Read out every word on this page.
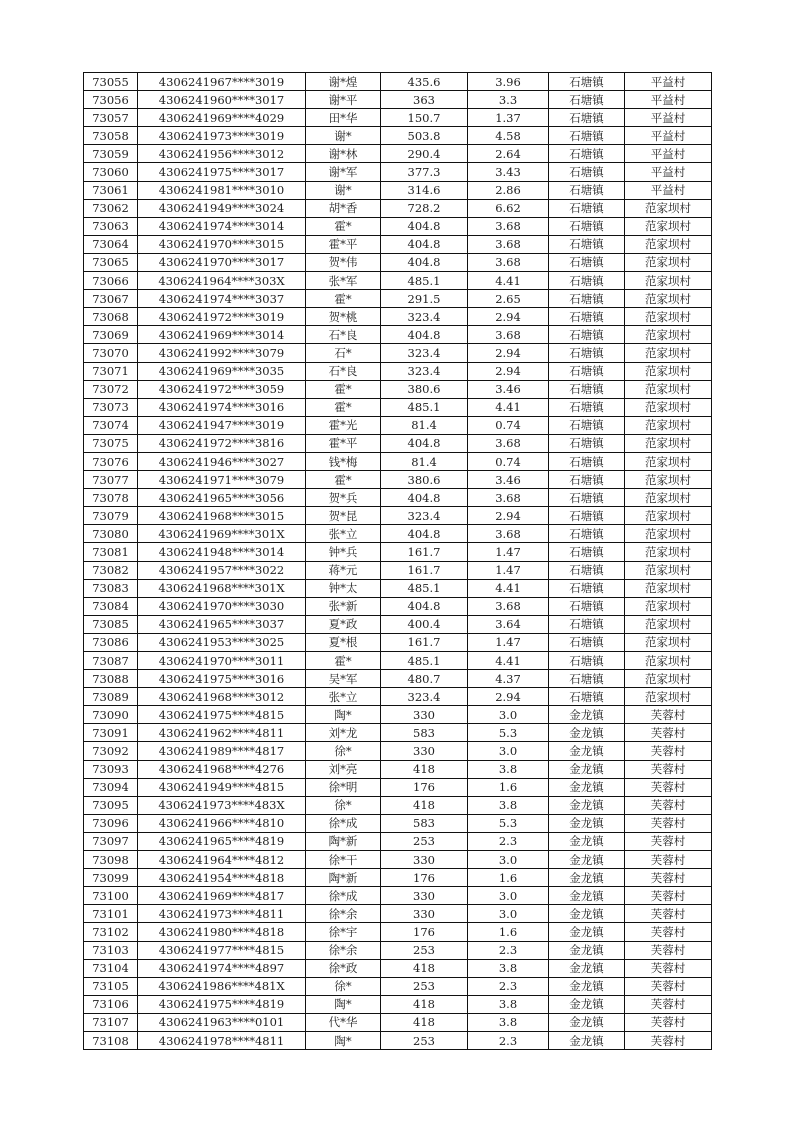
73055	4306241967****3019	谢*煌	435.6	3.96	石塘镇	平益村
73056	4306241960****3017	谢*平	363	3.3	石塘镇	平益村
73057	4306241969****4029	田*华	150.7	1.37	石塘镇	平益村
73058	4306241973****3019	谢*	503.8	4.58	石塘镇	平益村
73059	4306241956****3012	谢*林	290.4	2.64	石塘镇	平益村
73060	4306241975****3017	谢*军	377.3	3.43	石塘镇	平益村
73061	4306241981****3010	谢*	314.6	2.86	石塘镇	平益村
73062	4306241949****3024	胡*香	728.2	6.62	石塘镇	范家坝村
73063	4306241974****3014	霍*	404.8	3.68	石塘镇	范家坝村
73064	4306241970****3015	霍*平	404.8	3.68	石塘镇	范家坝村
73065	4306241970****3017	贺*伟	404.8	3.68	石塘镇	范家坝村
73066	4306241964****303X	张*军	485.1	4.41	石塘镇	范家坝村
73067	4306241974****3037	霍*	291.5	2.65	石塘镇	范家坝村
73068	4306241972****3019	贺*桃	323.4	2.94	石塘镇	范家坝村
73069	4306241969****3014	石*良	404.8	3.68	石塘镇	范家坝村
73070	4306241992****3079	石*	323.4	2.94	石塘镇	范家坝村
73071	4306241969****3035	石*良	323.4	2.94	石塘镇	范家坝村
73072	4306241972****3059	霍*	380.6	3.46	石塘镇	范家坝村
73073	4306241974****3016	霍*	485.1	4.41	石塘镇	范家坝村
73074	4306241947****3019	霍*光	81.4	0.74	石塘镇	范家坝村
73075	4306241972****3816	霍*平	404.8	3.68	石塘镇	范家坝村
73076	4306241946****3027	钱*梅	81.4	0.74	石塘镇	范家坝村
73077	4306241971****3079	霍*	380.6	3.46	石塘镇	范家坝村
73078	4306241965****3056	贺*兵	404.8	3.68	石塘镇	范家坝村
73079	4306241968****3015	贺*昆	323.4	2.94	石塘镇	范家坝村
73080	4306241969****301X	张*立	404.8	3.68	石塘镇	范家坝村
73081	4306241948****3014	钟*兵	161.7	1.47	石塘镇	范家坝村
73082	4306241957****3022	蒋*元	161.7	1.47	石塘镇	范家坝村
73083	4306241968****301X	钟*太	485.1	4.41	石塘镇	范家坝村
73084	4306241970****3030	张*新	404.8	3.68	石塘镇	范家坝村
73085	4306241965****3037	夏*政	400.4	3.64	石塘镇	范家坝村
73086	4306241953****3025	夏*根	161.7	1.47	石塘镇	范家坝村
73087	4306241970****3011	霍*	485.1	4.41	石塘镇	范家坝村
73088	4306241975****3016	吴*军	480.7	4.37	石塘镇	范家坝村
73089	4306241968****3012	张*立	323.4	2.94	石塘镇	范家坝村
73090	4306241975****4815	陶*	330	3.0	金龙镇	芙蓉村
73091	4306241962****4811	刘*龙	583	5.3	金龙镇	芙蓉村
73092	4306241989****4817	徐*	330	3.0	金龙镇	芙蓉村
73093	4306241968****4276	刘*亮	418	3.8	金龙镇	芙蓉村
73094	4306241949****4815	徐*明	176	1.6	金龙镇	芙蓉村
73095	4306241973****483X	徐*	418	3.8	金龙镇	芙蓉村
73096	4306241966****4810	徐*成	583	5.3	金龙镇	芙蓉村
73097	4306241965****4819	陶*新	253	2.3	金龙镇	芙蓉村
73098	4306241964****4812	徐*干	330	3.0	金龙镇	芙蓉村
73099	4306241954****4818	陶*新	176	1.6	金龙镇	芙蓉村
73100	4306241969****4817	徐*成	330	3.0	金龙镇	芙蓉村
73101	4306241973****4811	徐*余	330	3.0	金龙镇	芙蓉村
73102	4306241980****4818	徐*宇	176	1.6	金龙镇	芙蓉村
73103	4306241977****4815	徐*余	253	2.3	金龙镇	芙蓉村
73104	4306241974****4897	徐*政	418	3.8	金龙镇	芙蓉村
73105	4306241986****481X	徐*	253	2.3	金龙镇	芙蓉村
73106	4306241975****4819	陶*	418	3.8	金龙镇	芙蓉村
73107	4306241963****0101	代*华	418	3.8	金龙镇	芙蓉村
73108	4306241978****4811	陶*	253	2.3	金龙镇	芙蓉村
